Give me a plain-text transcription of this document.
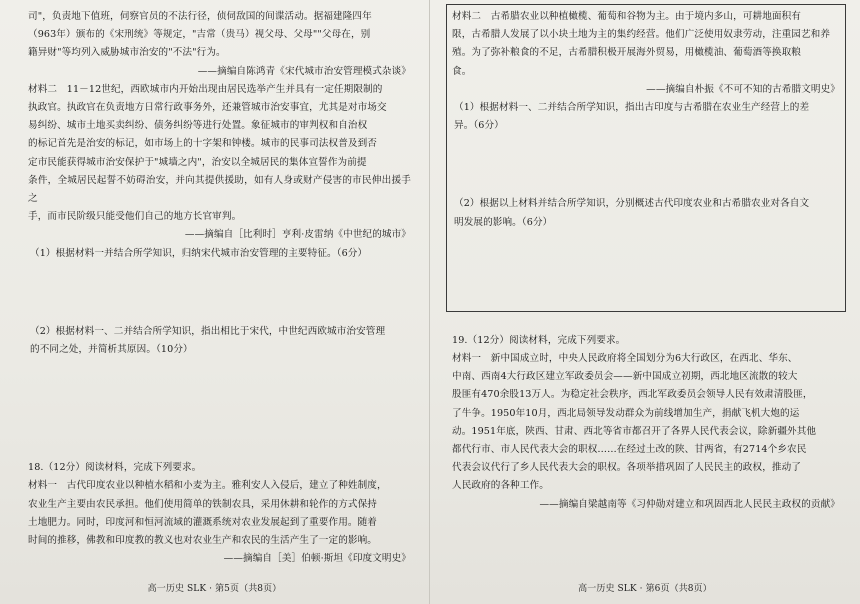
司"，负责地下值班，伺察官员的不法行径，侦伺敌国的间谍活动。据福建隆四年

（963年）颁布的《宋刑统》等规定，"吉常（贵马）视父母、父母""父母在，别

籍异财"等均列入威胁城市治安的"不法"行为。

——摘编自陈鸿青《宋代城市治安管理模式杂谈》

材料二　11－12世纪，西欧城市内开始出现由居民选举产生并具有一定任期限制的

执政官。执政官在负责地方日常行政事务外，还兼管城市治安事宜，尤其是对市场交

易纠纷、城市土地买卖纠纷、债务纠纷等进行处置。象征城市的审判权和自治权

的标记首先是治安的标记，如市场上的十字架和钟楼。城市的民事司法权普及到否

定市民能获得城市治安保护于"城墙之内"，治安以全城居民的集体宣誓作为前提

条件，全城居民起誓不妨碍治安，并向其提供援助，如有人身或财产侵害的市民伸出援手之

手，而市民阶级只能受他们自己的地方长官审判。

——摘编自［比利时］亨利·皮雷纳《中世纪的城市》

（1）根据材料一并结合所学知识，归纳宋代城市治安管理的主要特征。（6分）

（2）根据材料一、二并结合所学知识，指出相比于宋代，中世纪西欧城市治安管理

的不同之处，并简析其原因。（10分）

18.（12分）阅读材料，完成下列要求。

材料一　古代印度农业以种植水稻和小麦为主。雅利安人入侵后，建立了种姓制度，

农业生产主要由农民承担。他们使用简单的铁制农具，采用休耕和轮作的方式保持

土地肥力。同时，印度河和恒河流域的灌溉系统对农业发展起到了重要作用。随着

时间的推移，佛教和印度教的教义也对农业生产和农民的生活产生了一定的影响。

——摘编自［美］伯顿·斯坦《印度文明史》

高一历史 SLK · 第5页（共8页）

材料二　古希腊农业以种植橄榄、葡萄和谷物为主。由于境内多山，可耕地面积有

限，古希腊人发展了以小块土地为主的集约经营。他们广泛使用奴隶劳动，注重园艺和养

殖。为了弥补粮食的不足，古希腊积极开展海外贸易，用橄榄油、葡萄酒等换取粮

食。

——摘编自朴振《不可不知的古希腊文明史》

（1）根据材料一、二并结合所学知识，指出古印度与古希腊在农业生产经营上的差

异。（6分）

（2）根据以上材料并结合所学知识，分别概述古代印度农业和古希腊农业对各自文

明发展的影响。（6分）

19.（12分）阅读材料，完成下列要求。

材料一　新中国成立时，中央人民政府将全国划分为6大行政区，在西北、华东、

中南、西南4大行政区建立军政委员会——新中国成立初期，西北地区流散的较大

股匪有470余股13万人。为稳定社会秩序，西北军政委员会领导人民有效肃清股匪，

了牛争。1950年10月，西北局领导发动群众为前线增加生产，捐献飞机大炮的运

动。1951年底，陕西、甘肃、西北等省市都召开了各界人民代表会议，除新疆外其他

都代行市、市人民代表大会的职权……在经过土改的陕、甘两省，有2714个乡农民

代表会议代行了乡人民代表大会的职权。各项举措巩固了人民民主的政权，推动了

人民政府的各种工作。

——摘编自梁越南等《习仲勋对建立和巩固西北人民民主政权的贡献》

高一历史 SLK · 第6页（共8页）
